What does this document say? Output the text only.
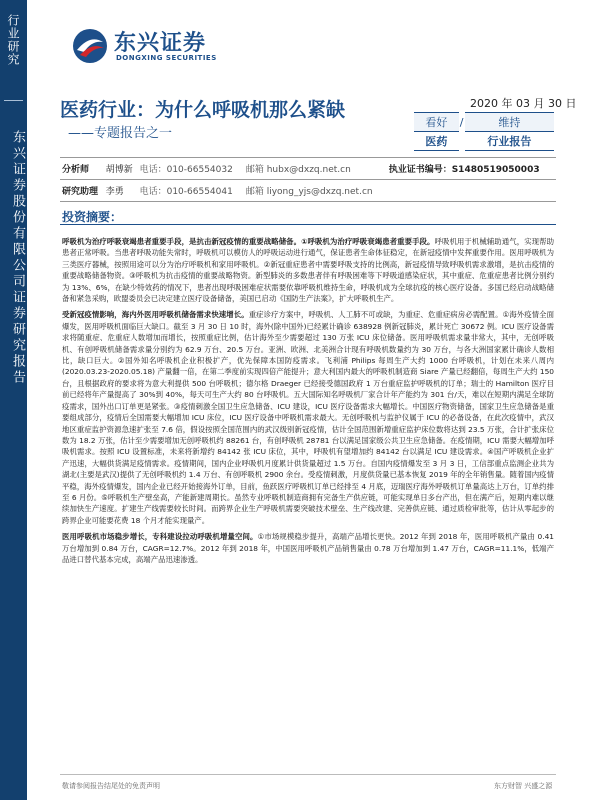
行业研究
东兴证券股份有限公司证券研究报告
东兴证券
DONGXING SECURITIES
医药行业：为什么呼吸机那么紧缺
——专题报告之一
2020 年 03 月 30 日
看好	/	维持
医药		行业报告
分析师	胡博新	电话：010-66554032	邮箱 hubx@dxzq.net.cn	执业证书编号：S1480519050003
研究助理	李勇	电话：010-66554041	邮箱 liyong_yjs@dxzq.net.cn	
投资摘要：

呼吸机为治疗呼吸衰竭患者重要手段，是抗击新冠疫情的重要战略储备。①呼吸机为治疗呼吸衰竭患者重要手段。呼吸机用于机械辅助通气，实现帮助患者正常呼吸。当患者呼吸功能失常时，呼吸机可以模仿人的呼吸运动进行通气，保证患者生命体征稳定，在新冠疫情中发挥重要作用。医用呼吸机为三类医疗器械，按照用途可以分为治疗呼吸机和家用呼吸机。②新冠重症患者中需要呼吸支持的比例高，新冠疫情导致呼吸机需求激增，是抗击疫情的重要战略储备物资。③呼吸机为抗击疫情的重要战略物资。新型肺炎的多数患者伴有呼吸困难等下呼吸道感染症状，其中重症、危重症患者比例分别约为 13%、6%，在缺少特效药的情况下，患者出现呼吸困难症状需要依靠呼吸机维持生命，呼吸机成为全球抗疫的核心医疗设备。多国已经启动战略储备和紧急采购，欧盟委员会已决定建立医疗设备储备，美国已启动《国防生产法案》，扩大呼吸机生产。

受新冠疫情影响，海内外医用呼吸机储备需求快速增长。重症诊疗方案中，呼吸机、人工肺不可或缺，为重症、危重症病房必需配置。①海外疫情全面爆发，医用呼吸机面临巨大缺口。截至 3 月 30 日 10 时，海外(除中国外)已经累计确诊 638928 例新冠肺炎，累计死亡 30672 例。ICU 医疗设备需求将随重症、危重症人数增加而增长，按照重症比例，估计海外至少需要超过 130 万张 ICU 床位储备。医用呼吸机需求量非常大，其中，无创呼吸机、有创呼吸机储备需求量分别约为 62.9 万台、20.5 万台。亚洲、欧洲、北美洲合计现有呼吸机数量约为 30 万台，与各大洲国家累计确诊人数相比，缺口巨大。②国外知名呼吸机企业积极扩产，优先保障本国防疫需求。飞利浦 Philips 每周生产大约 1000 台呼吸机，计划在未来八周内 (2020.03.23-2020.05.18) 产量翻一倍，在第二季度前实现四倍产能提升；意大利国内最大的呼吸机制造商 Siare 产量已经翻倍，每周生产大约 150 台，且根据政府的要求将为意大利提供 500 台呼吸机；德尔格 Draeger 已经接受德国政府 1 万台重症监护呼吸机的订单；瑞士的 Hamilton 医疗目前已经将年产量提高了 30%到 40%，每天可生产大约 80 台呼吸机。五大国际知名呼吸机厂家合计年产能约为 301 台/天，难以在短期内满足全球防疫需求，国外出口订单更是紧张。③疫情刺激全国卫生应急储备、ICU 建设，ICU 医疗设备需求大幅增长。中国医疗物资储备，国家卫生应急储备是重要组成部分，疫情后全国需要大幅增加 ICU 床位，ICU 医疗设备中呼吸机需求最大。无创呼吸机与监护仪属于 ICU 的必备设备，在此次疫情中，武汉地区重症监护资源急速扩张至 7.6 倍，假设按照全国范围内的武汉级别新冠疫情，估计全国范围新增重症监护床位数将达到 23.5 万张，合计扩张床位数为 18.2 万张，估计至少需要增加无创呼吸机约 88261 台，有创呼吸机 28781 台以满足国家级公共卫生应急储备。在疫情期，ICU 需要大幅增加呼吸机需求。按照 ICU 设置标准，未来将新增约 84142 张 ICU 床位，其中，呼吸机有望增加约 84142 台以满足 ICU 建设需求。④国产呼吸机企业扩产迅速，大幅供货满足疫情需求。疫情期间，国内企业呼吸机月度累计供货量超过 1.5 万台。自国内疫情爆发至 3 月 3 日，工信部重点监测企业共为湖北(主要是武汉)提供了无创呼吸机约 1.4 万台、有创呼吸机 2900 余台。受疫情刺激，月度供货量已基本恢复 2019 年的全年销售量。随着国内疫情平稳，海外疫情爆发，国内企业已经开始接海外订单，目前，鱼跃医疗呼吸机订单已经排至 4 月底，迈瑞医疗海外呼吸机订单量高达上万台，订单约排至 6 月份。⑤呼吸机生产壁垒高，产能新建周期长。虽然专业呼吸机制造商拥有完备生产供应链，可能实现单日多台产出，但在满产后，短期内难以继续加快生产速度。扩建生产线需要较长时间。而跨界企业生产呼吸机需要突破技术壁垒、生产线改建、完善供应链、通过质检审批等，估计从零起步的跨界企业可能要花费 18 个月才能实现量产。

医用呼吸机市场稳步增长，专科建设拉动呼吸机增量空间。①市场规模稳步提升，高端产品增长更快。2012 年到 2018 年，医用呼吸机产量由 0.41 万台增加到 0.84 万台，CAGR=12.7%。2012 年到 2018 年，中国医用呼吸机产品销售量由 0.78 万台增加到 1.47 万台，CAGR=11.1%，低端产品进口替代基本完成，高端产品迅速渗透。

敬请参阅报告结尾处的免责声明	东方财智 兴盛之源
